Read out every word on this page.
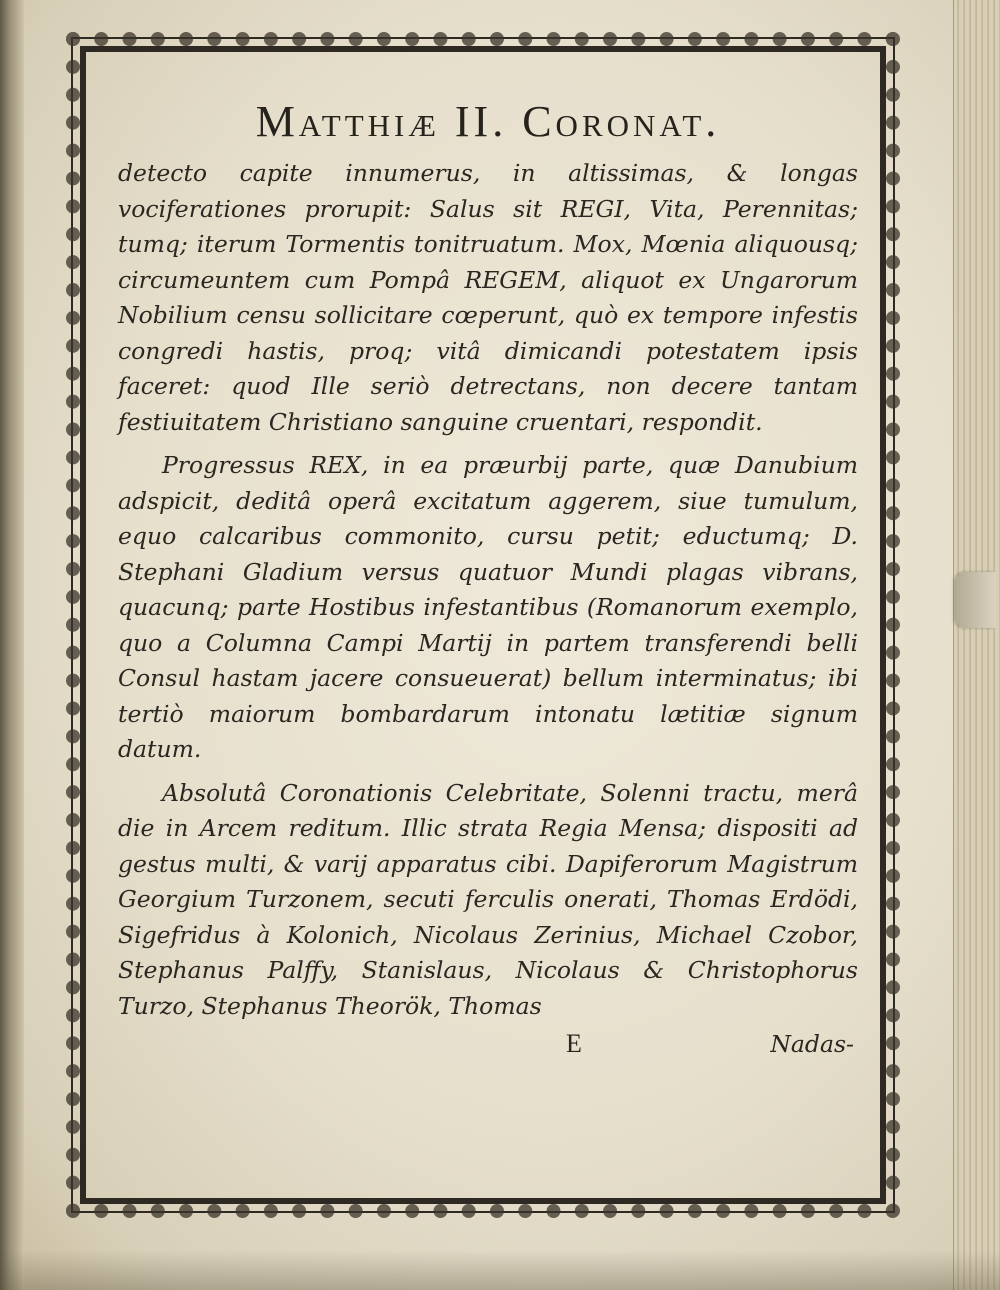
Matthiæ II. Coronat.

detecto capite innumerus, in altissimas, & longas vociferationes prorupit: Salus sit REGI, Vita, Perennitas; tumq; iterum Tormentis tonitruatum. Mox, Mœnia aliquousq; circumeuntem cum Pompâ REGEM, aliquot ex Ungarorum Nobilium censu sollicitare cœperunt, quò ex tempore infestis congredi hastis, proq; vitâ dimicandi potestatem ipsis faceret: quod Ille seriò detrectans, non decere tantam festiuitatem Christiano sanguine cruentari, respondit.

Progressus REX, in ea præurbij parte, quæ Danubium adspicit, deditâ operâ excitatum aggerem, siue tumulum, equo calcaribus commonito, cursu petit; eductumq; D. Stephani Gladium versus quatuor Mundi plagas vibrans, quacunq; parte Hostibus infestantibus (Romanorum exemplo, quo a Columna Campi Martij in partem transferendi belli Consul hastam jacere consueuerat) bellum interminatus; ibi tertiò maiorum bombardarum intonatu lætitiæ signum datum.

Absolutâ Coronationis Celebritate, Solenni tractu, merâ die in Arcem reditum. Illic strata Regia Mensa; dispositi ad gestus multi, & varij apparatus cibi. Dapiferorum Magistrum Georgium Turzonem, secuti ferculis onerati, Thomas Erdödi, Sigefridus à Kolonich, Nicolaus Zerinius, Michael Czobor, Stephanus Palffy, Stanislaus, Nicolaus & Christophorus Turzo, Stephanus Theorök, Thomas

E	Nadas-
